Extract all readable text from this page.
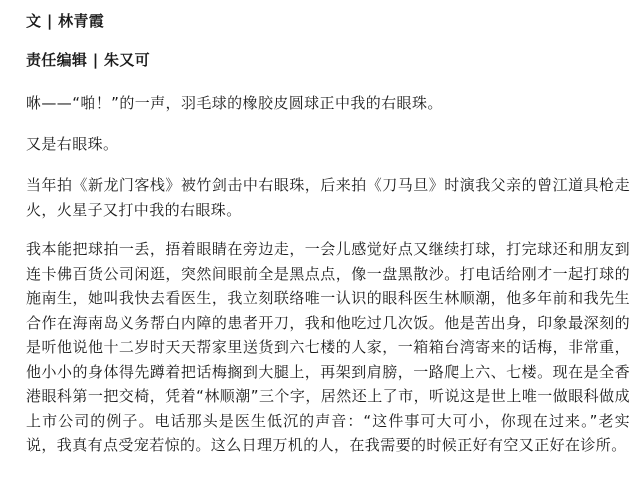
文 | 林青霞

责任编辑 | 朱又可

咻——“啪！”的一声，羽毛球的橡胶皮圆球正中我的右眼珠。

又是右眼珠。

当年拍《新龙门客栈》被竹剑击中右眼珠，后来拍《刀马旦》时演我父亲的曾江道具枪走火，火星子又打中我的右眼珠。

我本能把球拍一丢，捂着眼睛在旁边走，一会儿感觉好点又继续打球，打完球还和朋友到连卡佛百货公司闲逛，突然间眼前全是黑点点，像一盘黑散沙。打电话给刚才一起打球的施南生，她叫我快去看医生，我立刻联络唯一认识的眼科医生林顺潮，他多年前和我先生合作在海南岛义务帮白内障的患者开刀，我和他吃过几次饭。他是苦出身，印象最深刻的是听他说他十二岁时天天帮家里送货到六七楼的人家，一箱箱台湾寄来的话梅，非常重，他小小的身体得先蹲着把话梅搁到大腿上，再架到肩膀，一路爬上六、七楼。现在是全香港眼科第一把交椅，凭着“林顺潮”三个字，居然还上了市，听说这是世上唯一做眼科做成上市公司的例子。电话那头是医生低沉的声音：“这件事可大可小，你现在过来。”老实说，我真有点受宠若惊的。这么日理万机的人，在我需要的时候正好有空又正好在诊所。
